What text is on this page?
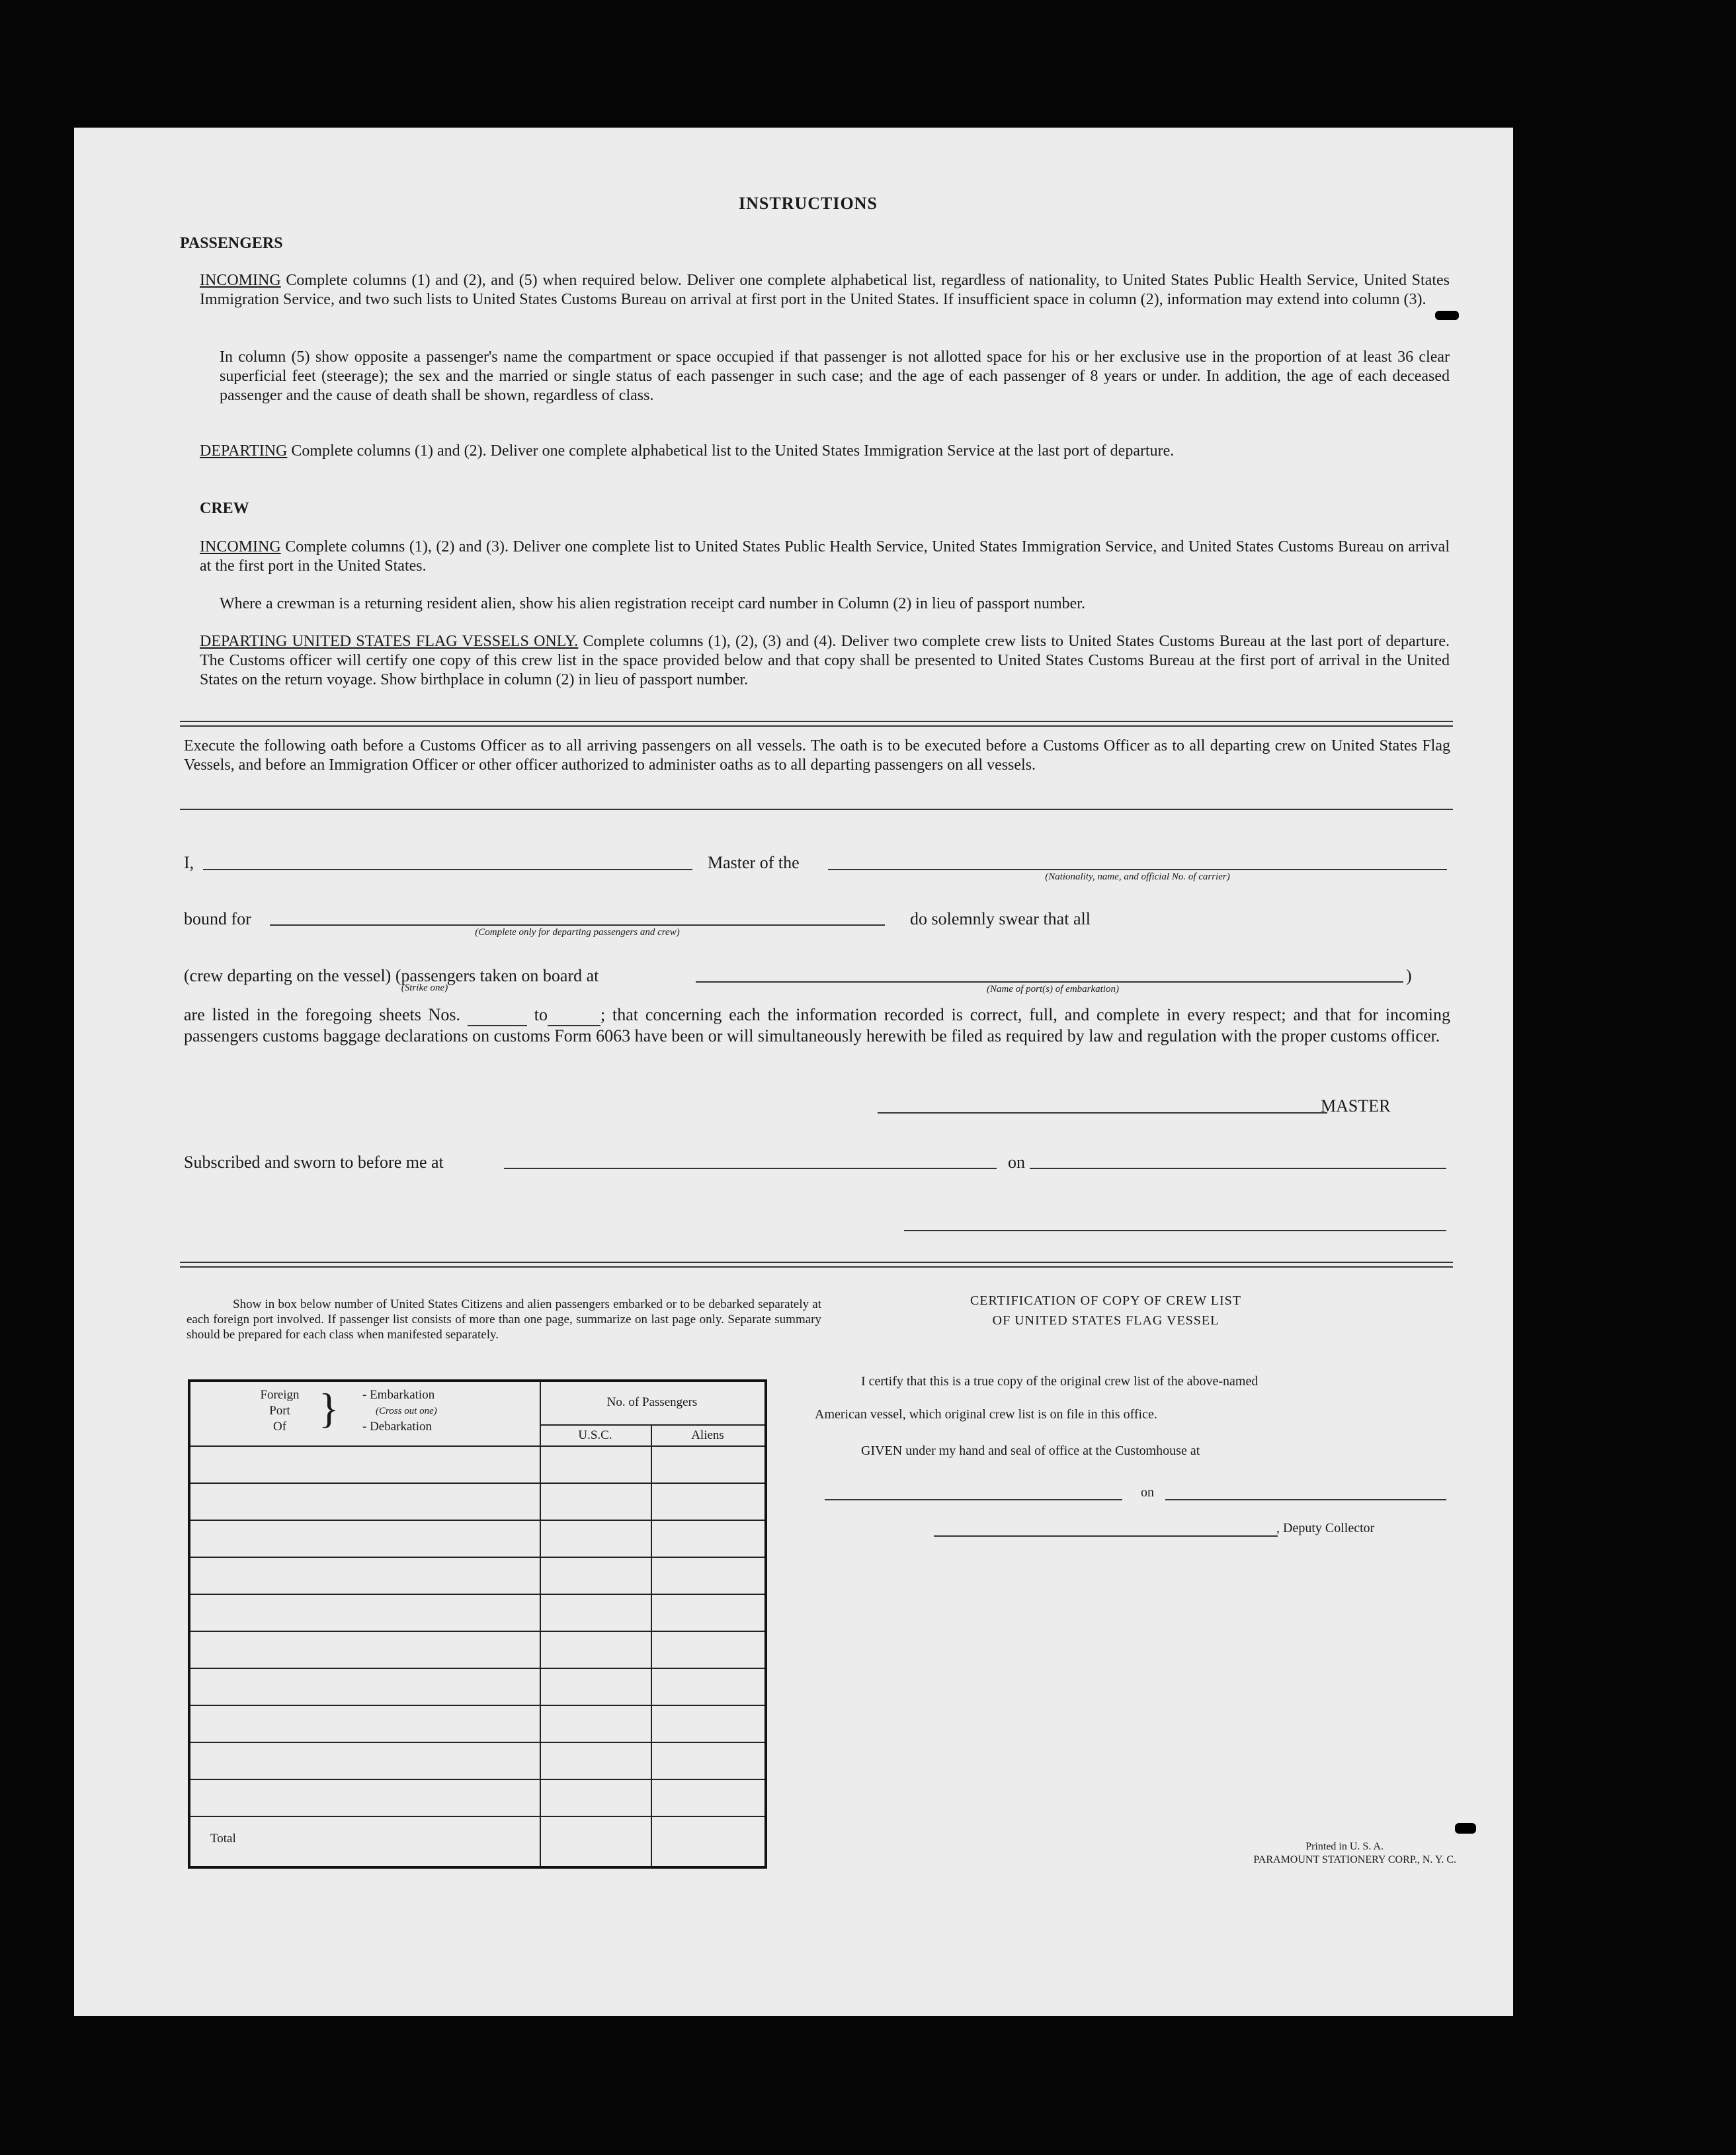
INSTRUCTIONS
PASSENGERS
INCOMING Complete columns (1) and (2), and (5) when required below. Deliver one complete alphabetical list, regardless of nationality, to United States Public Health Service, United States Immigration Service, and two such lists to United States Customs Bureau on arrival at first port in the United States. If insufficient space in column (2), information may extend into column (3).
In column (5) show opposite a passenger's name the compartment or space occupied if that passenger is not allotted space for his or her exclusive use in the proportion of at least 36 clear superficial feet (steerage); the sex and the married or single status of each passenger in such case; and the age of each passenger of 8 years or under. In addition, the age of each deceased passenger and the cause of death shall be shown, regardless of class.
DEPARTING Complete columns (1) and (2). Deliver one complete alphabetical list to the United States Immigration Service at the last port of departure.
CREW
INCOMING Complete columns (1), (2) and (3). Deliver one complete list to United States Public Health Service, United States Immigration Service, and United States Customs Bureau on arrival at the first port in the United States.
Where a crewman is a returning resident alien, show his alien registration receipt card number in Column (2) in lieu of passport number.
DEPARTING UNITED STATES FLAG VESSELS ONLY. Complete columns (1), (2), (3) and (4). Deliver two complete crew lists to United States Customs Bureau at the last port of departure. The Customs officer will certify one copy of this crew list in the space provided below and that copy shall be presented to United States Customs Bureau at the first port of arrival in the United States on the return voyage. Show birthplace in column (2) in lieu of passport number.
Execute the following oath before a Customs Officer as to all arriving passengers on all vessels. The oath is to be executed before a Customs Officer as to all departing crew on United States Flag Vessels, and before an Immigration Officer or other officer authorized to administer oaths as to all departing passengers on all vessels.
I,	Master of the
(Nationality, name, and official No. of carrier)
bound for
(Complete only for departing passengers and crew)
do solemnly swear that all
(crew departing on the vessel) (passengers taken on board at
(Strike one)	(Name of port(s) of embarkation)
)
are listed in the foregoing sheets Nos.	to	; that concerning each the information recorded is correct, full, and complete in every respect; and that for incoming passengers customs baggage declarations on customs Form 6063 have been or will simultaneously herewith be filed as required by law and regulation with the proper customs officer.
MASTER
Subscribed and sworn to before me at	on
Show in box below number of United States Citizens and alien passengers embarked or to be debarked separately at each foreign port involved. If passenger list consists of more than one page, summarize on last page only. Separate summary should be prepared for each class when manifested separately.
Foreign
Port
Of } - Embarkation
(Cross out one)
- Debarkation
No. of Passengers
U.S.C.	Aliens
Total
CERTIFICATION OF COPY OF CREW LIST
OF UNITED STATES FLAG VESSEL
I certify that this is a true copy of the original crew list of the above-named
American vessel, which original crew list is on file in this office.
GIVEN under my hand and seal of office at the Customhouse at
on
, Deputy Collector
Printed in U. S. A.
PARAMOUNT STATIONERY CORP., N. Y. C.
